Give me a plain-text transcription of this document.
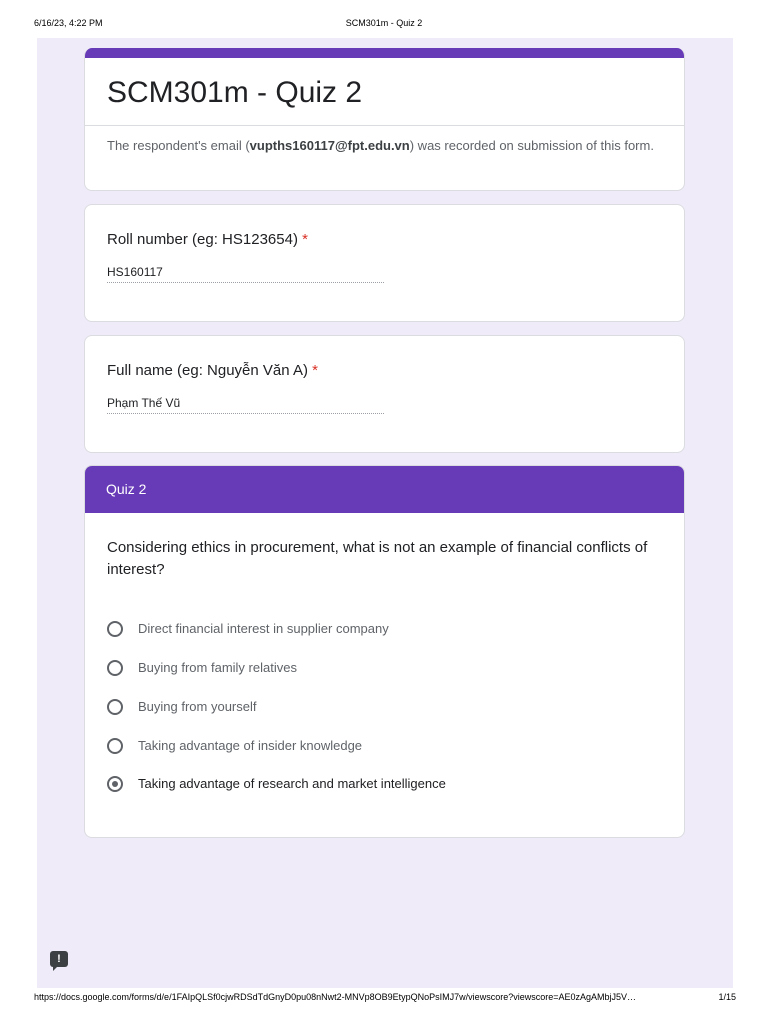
6/16/23, 4:22 PM	SCM301m - Quiz 2
SCM301m - Quiz 2
The respondent's email (vupths160117@fpt.edu.vn) was recorded on submission of this form.
Roll number (eg: HS123654) *
HS160117
Full name (eg: Nguyễn Văn A) *
Phạm Thế Vũ
Quiz 2
Considering ethics in procurement, what is not an example of financial conflicts of interest?
Direct financial interest in supplier company
Buying from family relatives
Buying from yourself
Taking advantage of insider knowledge
Taking advantage of research and market intelligence
!
https://docs.google.com/forms/d/e/1FAIpQLSf0cjwRDSdTdGnyD0pu08nNwt2-MNVp8OB9EtypQNoPsIMJ7w/viewscore?viewscore=AE0zAgAMbjJ5V…	1/15
